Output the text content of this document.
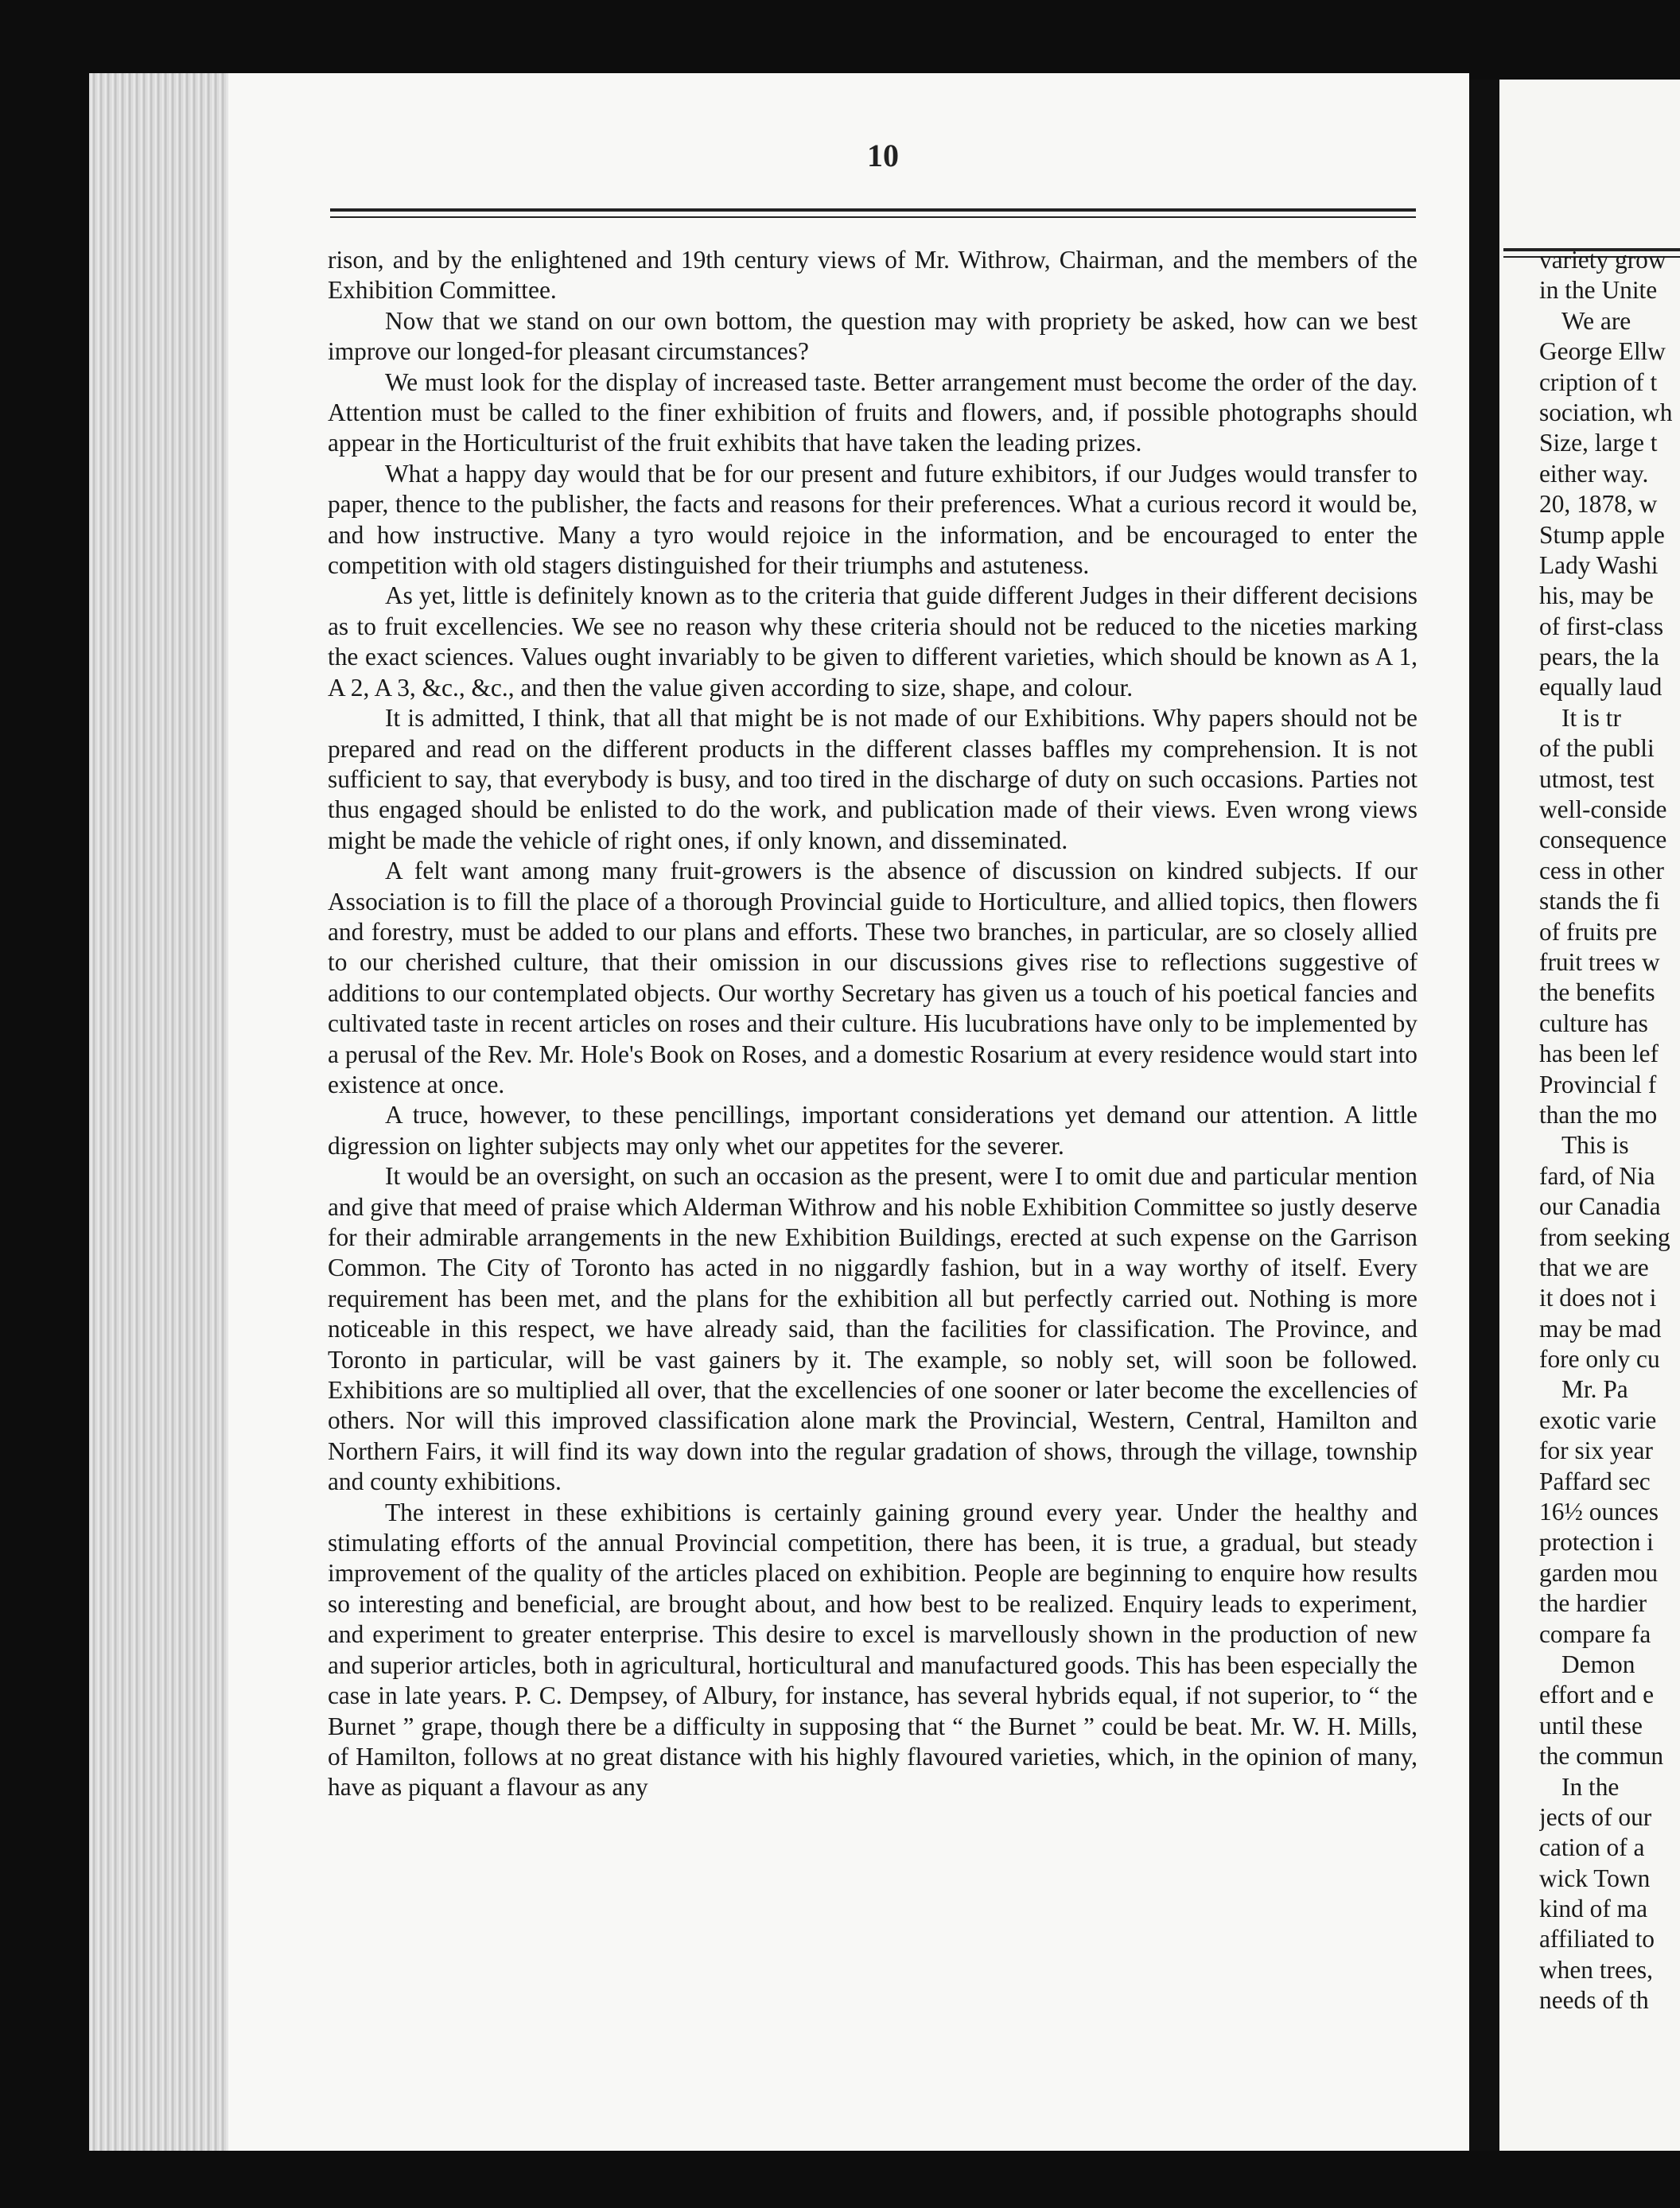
10

rison, and by the enlightened and 19th century views of Mr. Withrow, Chairman, and the members of the Exhibition Committee.

Now that we stand on our own bottom, the question may with propriety be asked, how can we best improve our longed-for pleasant circumstances?

We must look for the display of increased taste. Better arrangement must become the order of the day. Attention must be called to the finer exhibition of fruits and flowers, and, if possible photographs should appear in the Horticulturist of the fruit exhibits that have taken the leading prizes.

What a happy day would that be for our present and future exhibitors, if our Judges would transfer to paper, thence to the publisher, the facts and reasons for their preferences. What a curious record it would be, and how instructive. Many a tyro would rejoice in the information, and be encouraged to enter the competition with old stagers distinguished for their triumphs and astuteness.

As yet, little is definitely known as to the criteria that guide different Judges in their different decisions as to fruit excellencies. We see no reason why these criteria should not be reduced to the niceties marking the exact sciences. Values ought invariably to be given to different varieties, which should be known as A 1, A 2, A 3, &c., &c., and then the value given according to size, shape, and colour.

It is admitted, I think, that all that might be is not made of our Exhibitions. Why papers should not be prepared and read on the different products in the different classes baffles my comprehension. It is not sufficient to say, that everybody is busy, and too tired in the discharge of duty on such occasions. Parties not thus engaged should be enlisted to do the work, and publication made of their views. Even wrong views might be made the vehicle of right ones, if only known, and disseminated.

A felt want among many fruit-growers is the absence of discussion on kindred subjects. If our Association is to fill the place of a thorough Provincial guide to Horticulture, and allied topics, then flowers and forestry, must be added to our plans and efforts. These two branches, in particular, are so closely allied to our cherished culture, that their omission in our discussions gives rise to reflections suggestive of additions to our contemplated objects. Our worthy Secretary has given us a touch of his poetical fancies and cultivated taste in recent articles on roses and their culture. His lucubrations have only to be implemented by a perusal of the Rev. Mr. Hole's Book on Roses, and a domestic Rosarium at every residence would start into existence at once.

A truce, however, to these pencillings, important considerations yet demand our attention. A little digression on lighter subjects may only whet our appetites for the severer.

It would be an oversight, on such an occasion as the present, were I to omit due and particular mention and give that meed of praise which Alderman Withrow and his noble Exhibition Committee so justly deserve for their admirable arrangements in the new Exhibition Buildings, erected at such expense on the Garrison Common. The City of Toronto has acted in no niggardly fashion, but in a way worthy of itself. Every requirement has been met, and the plans for the exhibition all but perfectly carried out. Nothing is more noticeable in this respect, we have already said, than the facilities for classification. The Province, and Toronto in particular, will be vast gainers by it. The example, so nobly set, will soon be followed. Exhibitions are so multiplied all over, that the excellencies of one sooner or later become the excellencies of others. Nor will this improved classification alone mark the Provincial, Western, Central, Hamilton and Northern Fairs, it will find its way down into the regular gradation of shows, through the village, township and county exhibitions.

The interest in these exhibitions is certainly gaining ground every year. Under the healthy and stimulating efforts of the annual Provincial competition, there has been, it is true, a gradual, but steady improvement of the quality of the articles placed on exhibition. People are beginning to enquire how results so interesting and beneficial, are brought about, and how best to be realized. Enquiry leads to experiment, and experiment to greater enterprise. This desire to excel is marvellously shown in the production of new and superior articles, both in agricultural, horticultural and manufactured goods. This has been especially the case in late years. P. C. Dempsey, of Albury, for instance, has several hybrids equal, if not superior, to “ the Burnet ” grape, though there be a difficulty in supposing that “ the Burnet ” could be beat. Mr. W. H. Mills, of Hamilton, follows at no great distance with his highly flavoured varieties, which, in the opinion of many, have as piquant a flavour as any

variety grow
in the Unite
We are
George Ellw
cription of t
sociation, wh
Size, large t
either way.
20, 1878, w
Stump apple
Lady Washi
his, may be
of first-class
pears, the la
equally laud
It is tr
of the publi
utmost, test
well-conside
consequence
cess in other
stands the fi
of fruits pre
fruit trees w
the benefits
culture has
has been lef
Provincial f
than the mo
This is
fard, of Nia
our Canadia
from seeking
that we are
it does not i
may be mad
fore only cu
Mr. Pa
exotic varie
for six year
Paffard sec
16½ ounces
protection i
garden mou
the hardier
compare fa
Demon
effort and e
until these
the commun
In the
jects of our
cation of a
wick Town
kind of ma
affiliated to
when trees,
needs of th
